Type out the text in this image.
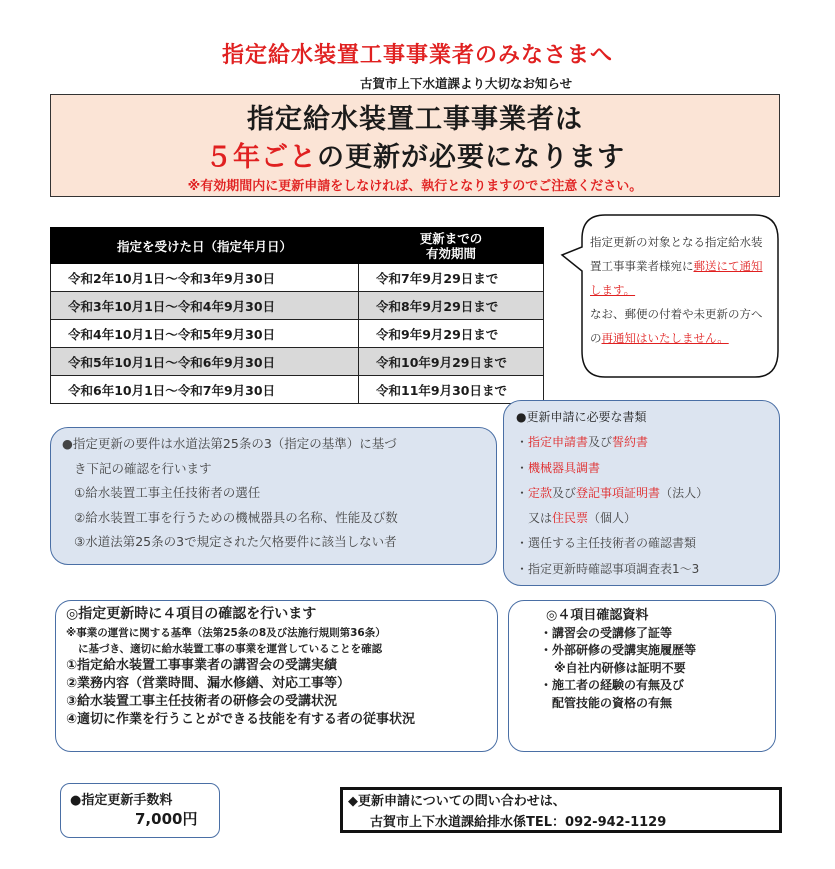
指定給水装置工事事業者のみなさまへ
古賀市上下水道課より大切なお知らせ
指定給水装置工事事業者は
５年ごとの更新が必要になります
※有効期間内に更新申請をしなければ、執行となりますのでご注意ください。
指定を受けた日（指定年月日）	更新までの
有効期間
令和2年10月1日～令和3年9月30日	令和7年9月29日まで
令和3年10月1日～令和4年9月30日	令和8年9月29日まで
令和4年10月1日～令和5年9月30日	令和9年9月29日まで
令和5年10月1日～令和6年9月30日	令和10年9月29日まで
令和6年10月1日～令和7年9月30日	令和11年9月30日まで
指定更新の対象となる指定給水装置工事事業者様宛に郵送にて通知します。
なお、郵便の付着や未更新の方への再通知はいたしません。
●指定更新の要件は水道法第25条の3（指定の基準）に基づ
き下記の確認を行います
①給水装置工事主任技術者の選任
②給水装置工事を行うための機械器具の名称、性能及び数
③水道法第25条の3で規定された欠格要件に該当しない者
●更新申請に必要な書類
・指定申請書及び誓約書
・機械器具調書
・定款及び登記事項証明書（法人）
又は住民票（個人）
・選任する主任技術者の確認書類
・指定更新時確認事項調査表1～3
◎指定更新時に４項目の確認を行います
※事業の運営に関する基準（法第25条の8及び法施行規則第36条）
に基づき、適切に給水装置工事の事業を運営していることを確認
①指定給水装置工事事業者の講習会の受講実績
②業務内容（営業時間、漏水修繕、対応工事等）
③給水装置工事主任技術者の研修会の受講状況
④適切に作業を行うことができる技能を有する者の従事状況
◎４項目確認資料
・講習会の受講修了証等
・外部研修の受講実施履歴等
※自社内研修は証明不要
・施工者の経験の有無及び
配管技能の資格の有無
●指定更新手数料
7,000円
◆更新申請についての問い合わせは、
古賀市上下水道課給排水係TEL：092-942-1129
